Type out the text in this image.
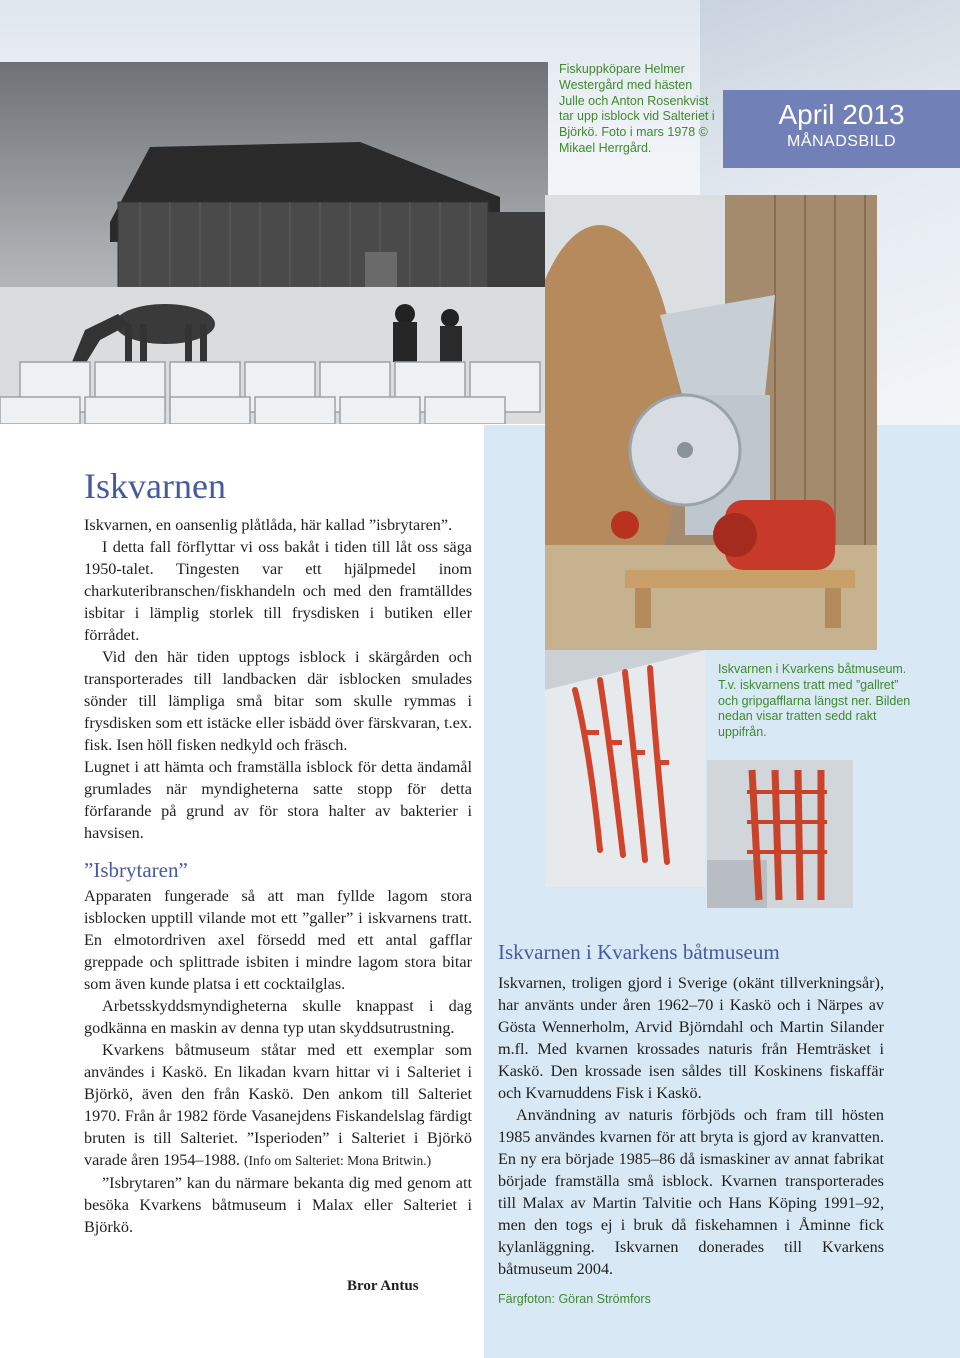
Fiskuppköpare Helmer Westergård med hästen Julle och Anton Rosenkvist tar upp isblock vid Salteriet i Björkö. Foto i mars 1978 © Mikael Herrgård.
April 2013
MÅNADSBILD
Iskvarnen

Iskvarnen, en oansenlig plåtlåda, här kallad ”isbrytaren”.

I detta fall förflyttar vi oss bakåt i tiden till låt oss säga 1950-talet. Tingesten var ett hjälpmedel inom charkuteribranschen/fiskhandeln och med den framtälldes isbitar i lämplig storlek till frysdisken i butiken eller förrådet.

Vid den här tiden upptogs isblock i skärgården och transporterades till landbacken där isblocken smulades sönder till lämpliga små bitar som skulle rymmas i frysdisken som ett istäcke eller isbädd över färskvaran, t.ex. fisk. Isen höll fisken nedkyld och fräsch.

Lugnet i att hämta och framställa isblock för detta ändamål grumlades när myndigheterna satte stopp för detta förfarande på grund av för stora halter av bakterier i havsisen.

”Isbrytaren”

Apparaten fungerade så att man fyllde lagom stora isblocken upptill vilande mot ett ”galler” i iskvarnens tratt. En elmotordriven axel försedd med ett antal gafflar greppade och splittrade isbiten i mindre lagom stora bitar som även kunde platsa i ett cocktailglas.

Arbetsskyddsmyndigheterna skulle knappast i dag godkänna en maskin av denna typ utan skyddsutrustning.

Kvarkens båtmuseum ståtar med ett exemplar som användes i Kaskö. En likadan kvarn hittar vi i Salteriet i Björkö, även den från Kaskö. Den ankom till Salteriet 1970. Från år 1982 förde Vasanejdens Fiskandelslag färdigt bruten is till Salteriet. ”Isperioden” i Salteriet i Björkö varade åren 1954–1988. (Info om Salteriet: Mona Britwin.)

”Isbrytaren” kan du närmare bekanta dig med genom att besöka Kvarkens båtmuseum i Malax eller Salteriet i Björkö.

Bror Antus
Iskvarnen i Kvarkens båtmuseum. T.v. iskvarnens tratt med ”gallret” och gripgafflarna längst ner. Bilden nedan visar tratten sedd rakt uppifrån.
Iskvarnen i Kvarkens båtmuseum

Iskvarnen, troligen gjord i Sverige (okänt tillverkningsår), har använts under åren 1962–70 i Kaskö och i Närpes av Gösta Wennerholm, Arvid Björndahl och Martin Silander m.fl. Med kvarnen krossades naturis från Hemträsket i Kaskö. Den krossade isen såldes till Koskinens fiskaffär och Kvarnuddens Fisk i Kaskö.

Användning av naturis förbjöds och fram till hösten 1985 användes kvarnen för att bryta is gjord av kranvatten. En ny era började 1985–86 då ismaskiner av annat fabrikat började framställa små isblock. Kvarnen transporterades till Malax av Martin Talvitie och Hans Köping 1991–92, men den togs ej i bruk då fiskehamnen i Åminne fick kylanläggning. Iskvarnen donerades till Kvarkens båtmuseum 2004.

Färgfoton: Göran Strömfors
